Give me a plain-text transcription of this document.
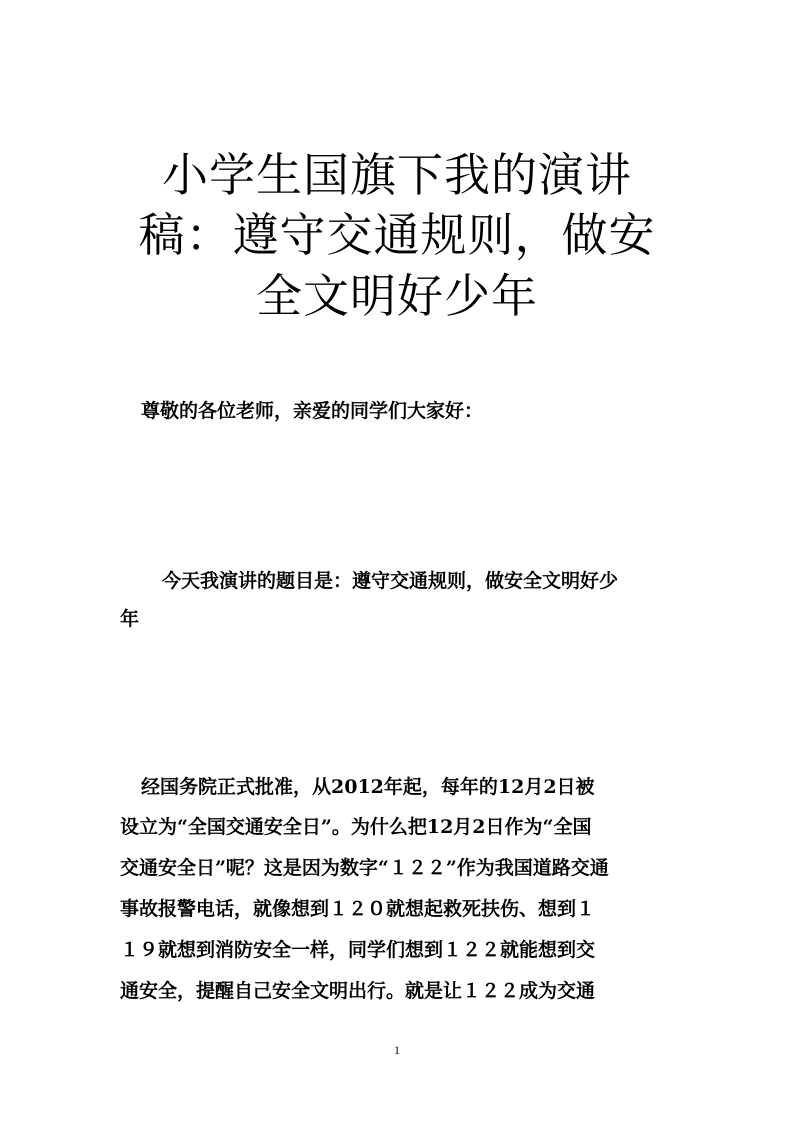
小学生国旗下我的演讲
稿：遵守交通规则，做安
全文明好少年
尊敬的各位老师，亲爱的同学们大家好：
今天我演讲的题目是：遵守交通规则，做安全文明好少
年
经国务院正式批准，从2012年起，每年的12月2日被
设立为“全国交通安全日”。为什么把12月2日作为“全国
交通安全日”呢？这是因为数字“１２２”作为我国道路交通
事故报警电话，就像想到１２０就想起救死扶伤、想到１
１９就想到消防安全一样，同学们想到１２２就能想到交
通安全，提醒自己安全文明出行。就是让１２２成为交通
1
